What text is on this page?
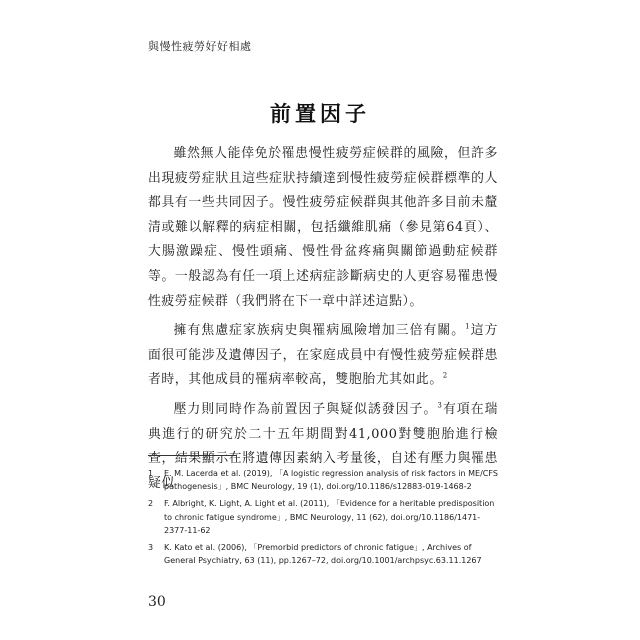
與慢性疲勞好好相處
前置因子

雖然無人能倖免於罹患慢性疲勞症候群的風險，但許多出現疲勞症狀且這些症狀持續達到慢性疲勞症候群標準的人都具有一些共同因子。慢性疲勞症候群與其他許多目前未釐清或難以解釋的病症相關，包括纖維肌痛（參見第64頁）、大腸激躁症、慢性頭痛、慢性骨盆疼痛與關節過動症候群等。一般認為有任一項上述病症診斷病史的人更容易罹患慢性疲勞症候群（我們將在下一章中詳述這點）。

擁有焦慮症家族病史與罹病風險增加三倍有關。$^1$這方面很可能涉及遺傳因子，在家庭成員中有慢性疲勞症候群患者時，其他成員的罹病率較高，雙胞胎尤其如此。$^2$

壓力則同時作為前置因子與疑似誘發因子。$^3$有項在瑞典進行的研究於二十五年期間對41,000對雙胞胎進行檢查，結果顯示在將遺傳因素納入考量後，自述有壓力與罹患疑似

1	E. M. Lacerda et al. (2019), 「A logistic regression analysis of risk factors in ME/CFS pathogenesis」, BMC Neurology, 19 (1), doi.org/10.1186/s12883-019-1468-2
2	F. Albright, K. Light, A. Light et al. (2011), 「Evidence for a heritable predisposition to chronic fatigue syndrome」, BMC Neurology, 11 (62), doi.org/10.1186/1471-2377-11-62
3	K. Kato et al. (2006), 「Premorbid predictors of chronic fatigue」, Archives of General Psychiatry, 63 (11), pp.1267–72, doi.org/10.1001/archpsyc.63.11.1267
30
